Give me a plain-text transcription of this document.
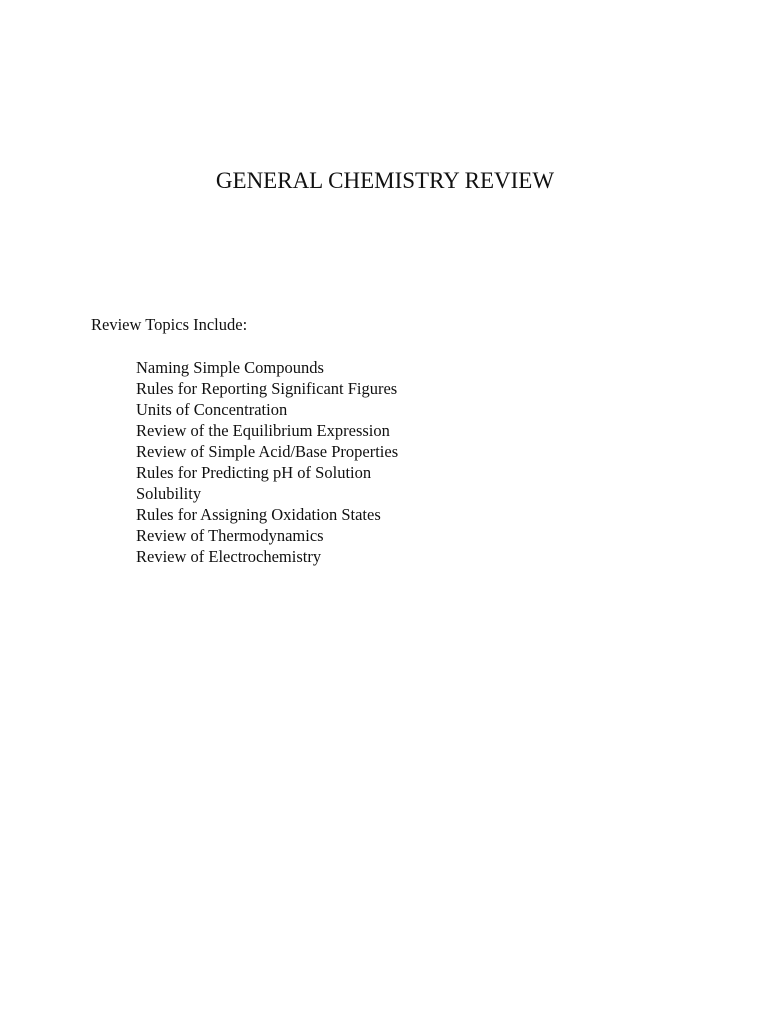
GENERAL CHEMISTRY REVIEW

Review Topics Include:

Naming Simple Compounds
Rules for Reporting Significant Figures
Units of Concentration
Review of the Equilibrium Expression
Review of Simple Acid/Base Properties
Rules for Predicting pH of Solution
Solubility
Rules for Assigning Oxidation States
Review of Thermodynamics
Review of Electrochemistry
